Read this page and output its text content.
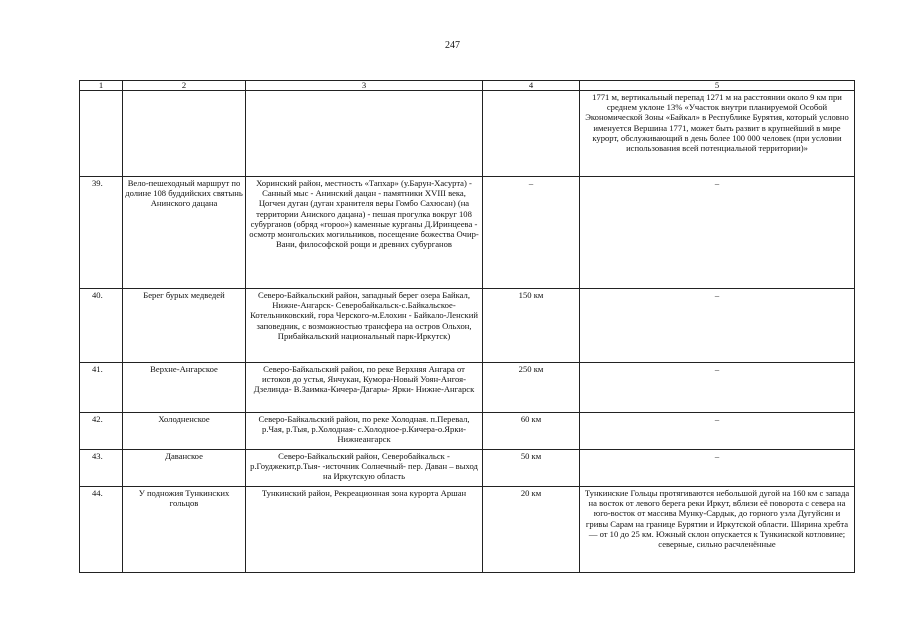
247
1	2	3	4	5
				1771 м, вертикальный перепад 1271 м на расстоянии около 9 км при среднем уклоне 13% «Участок внутри планируемой Особой Экономической Зоны «Байкал» в Республике Бурятия, который условно именуется Вершина 1771, может быть развит в крупнейший в мире курорт, обслуживающий в день более 100 000 человек (при условии использования всей потенциальной территории)»
39.	Вело-пешеходный маршрут по долине 108 буддийских святынь Анинского дацана	Хоринский район, местность «Тапхар» (у.Барун-Хасурта) - Санный мыс - Анинский дацан - памятники XVIII века, Цогчен дуган (дуган хранителя веры Гомбо Сахюсан) (на территории Аниского дацана) - пешая прогулка вокруг 108 субурганов (обряд «гороо») каменные курганы Д.Иринцеева - осмотр монгольских могильников, посещение божества Очир-Вани, философской рощи и древних субурганов	–	–
40.	Берег бурых медведей	Северо-Байкальский район, западный берег озера Байкал, Нижне-Ангарск- Северобайкальск-с.Байкальское- Котельниковский, гора Черского-м.Елохин - Байкало-Ленский заповедник, с возможностью трансфера на остров Ольхон, Прибайкальский национальный парк-Иркутск)	150 км	–
41.	Верхне-Ангарское	Северо-Байкальский район, по реке Верхняя Ангара от истоков до устья, Янчукан, Кумора-Новый Уоян-Ангоя- Дзелинда- В.Заимка-Кичера-Дагары- Ярки- Нижне-Ангарск	250 км	–
42.	Холодненское	Северо-Байкальский район, по реке Холодная. п.Перевал, р.Чая, р.Тыя, р.Холодная- с.Холодное-р.Кичера-о.Ярки-Нижнеангарск	60 км	–
43.	Даванское	Северо-Байкальский район, Северобайкальск - р.Гоуджекит,р.Тыя- -источник Солнечный- пер. Даван – выход на Иркутскую область	50 км	–
44.	У подножия Тункинских гольцов	Тункинский район, Рекреационная зона курорта Аршан	20 км	Тункинские Гольцы протягиваются небольшой дугой на 160 км с запада на восток от левого берега реки Иркут, вблизи её поворота с севера на юго-восток от массива Мунку-Сардык, до горного узла Дугуйсин и гривы Сарам на границе Бурятии и Иркутской области. Ширина хребта — от 10 до 25 км. Южный склон опускается к Тункинской котловине; северные, сильно расчленённые
